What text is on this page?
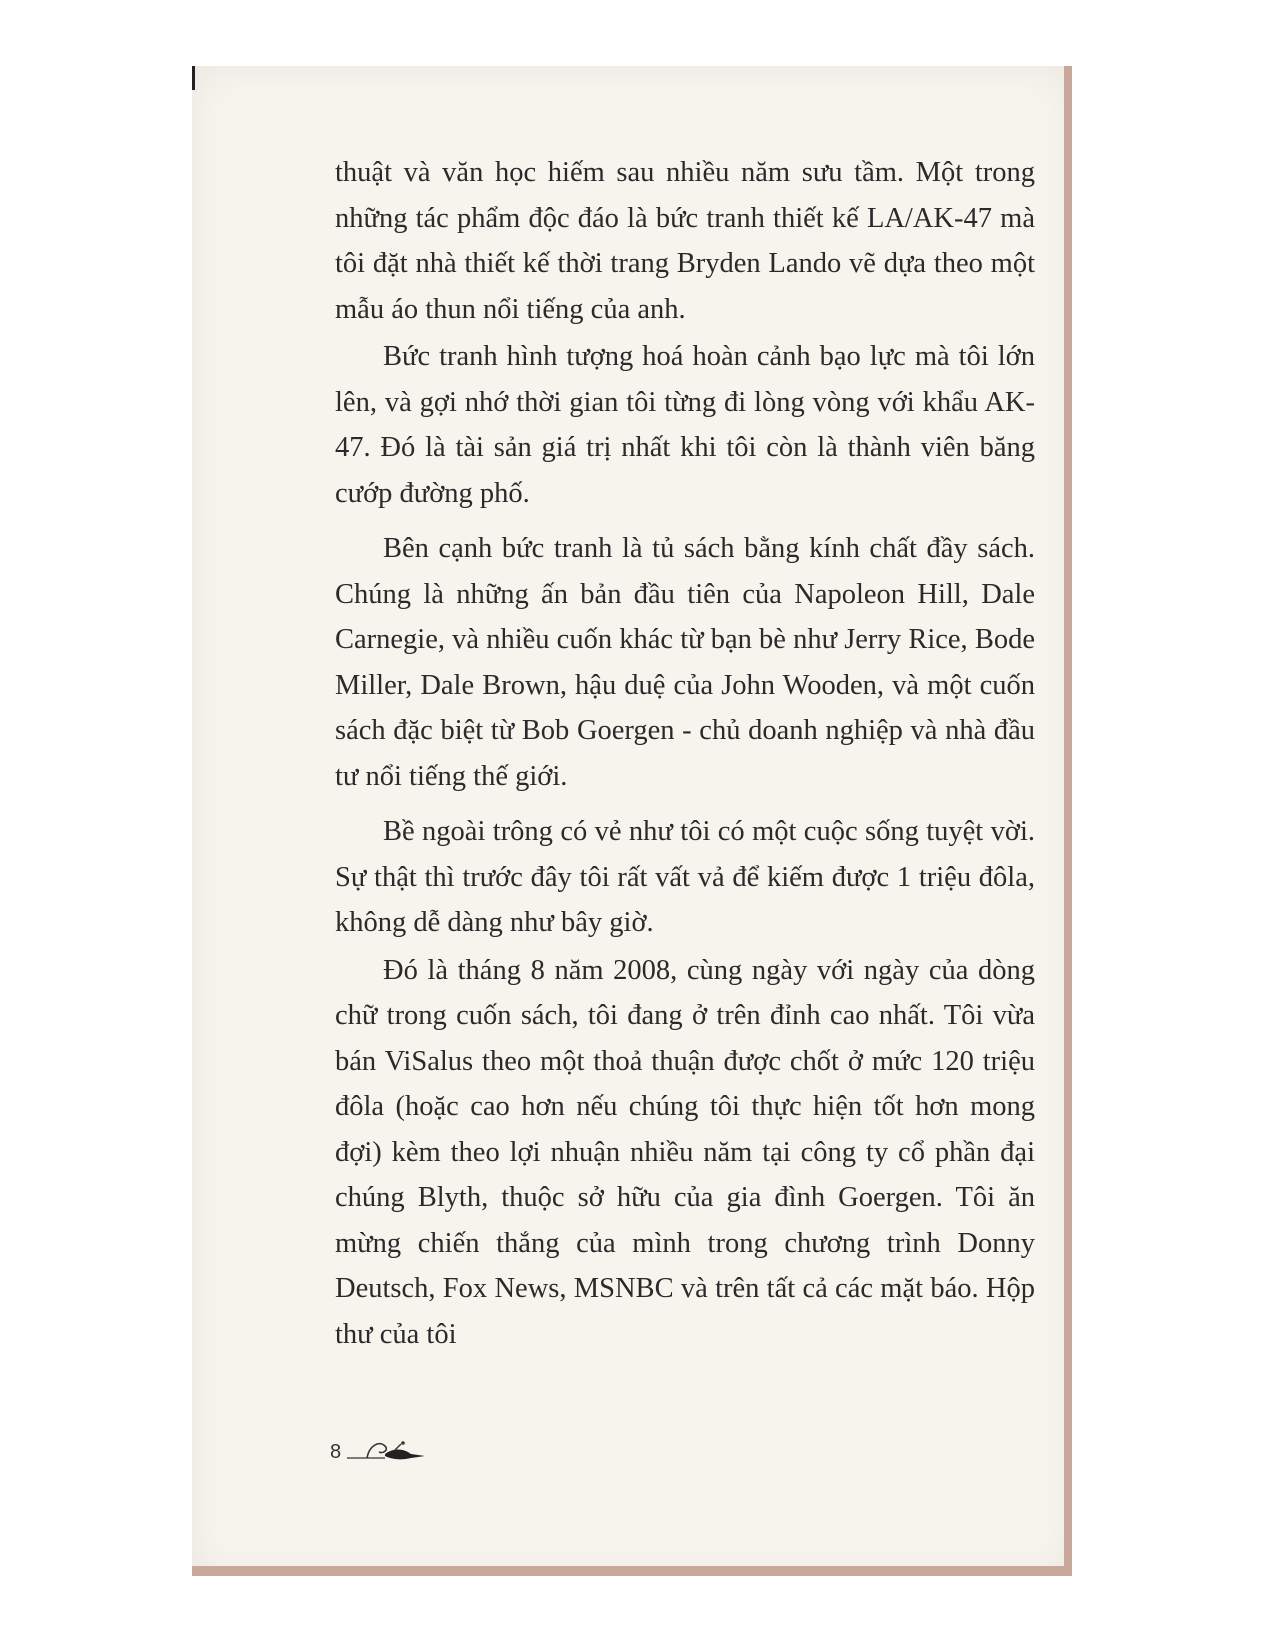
thuật và văn học hiếm sau nhiều năm sưu tầm. Một trong những tác phẩm độc đáo là bức tranh thiết kế LA/AK-47 mà tôi đặt nhà thiết kế thời trang Bryden Lando vẽ dựa theo một mẫu áo thun nổi tiếng của anh.

Bức tranh hình tượng hoá hoàn cảnh bạo lực mà tôi lớn lên, và gợi nhớ thời gian tôi từng đi lòng vòng với khẩu AK-47. Đó là tài sản giá trị nhất khi tôi còn là thành viên băng cướp đường phố.

Bên cạnh bức tranh là tủ sách bằng kính chất đầy sách. Chúng là những ấn bản đầu tiên của Napoleon Hill, Dale Carnegie, và nhiều cuốn khác từ bạn bè như Jerry Rice, Bode Miller, Dale Brown, hậu duệ của John Wooden, và một cuốn sách đặc biệt từ Bob Goergen - chủ doanh nghiệp và nhà đầu tư nổi tiếng thế giới.

Bề ngoài trông có vẻ như tôi có một cuộc sống tuyệt vời. Sự thật thì trước đây tôi rất vất vả để kiếm được 1 triệu đôla, không dễ dàng như bây giờ.

Đó là tháng 8 năm 2008, cùng ngày với ngày của dòng chữ trong cuốn sách, tôi đang ở trên đỉnh cao nhất. Tôi vừa bán ViSalus theo một thoả thuận được chốt ở mức 120 triệu đôla (hoặc cao hơn nếu chúng tôi thực hiện tốt hơn mong đợi) kèm theo lợi nhuận nhiều năm tại công ty cổ phần đại chúng Blyth, thuộc sở hữu của gia đình Goergen. Tôi ăn mừng chiến thắng của mình trong chương trình Donny Deutsch, Fox News, MSNBC và trên tất cả các mặt báo. Hộp thư của tôi

8
